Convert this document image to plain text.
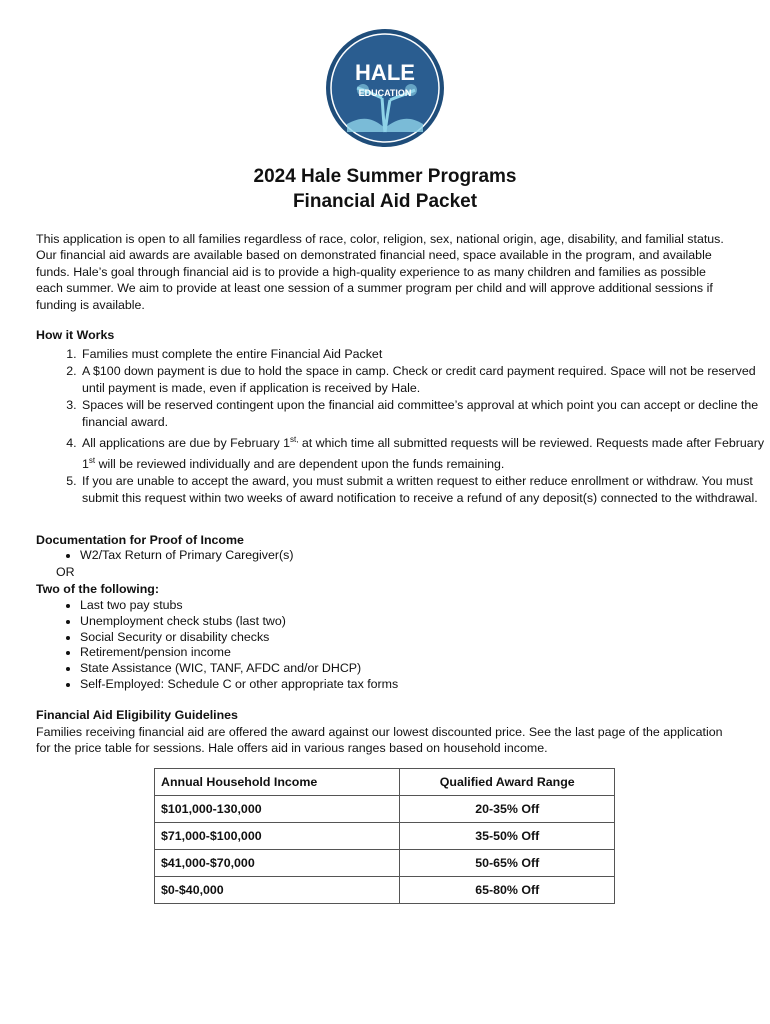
HALE
EDUCATION
2024 Hale Summer Programs
Financial Aid Packet
This application is open to all families regardless of race, color, religion, sex, national origin, age, disability, and familial status. Our financial aid awards are available based on demonstrated financial need, space available in the program, and available funds. Hale’s goal through financial aid is to provide a high-quality experience to as many children and families as possible each summer. We aim to provide at least one session of a summer program per child and will approve additional sessions if funding is available.
How it Works
1. Families must complete the entire Financial Aid Packet
2. A $100 down payment is due to hold the space in camp. Check or credit card payment required. Space will not be reserved until payment is made, even if application is received by Hale.
3. Spaces will be reserved contingent upon the financial aid committee’s approval at which point you can accept or decline the financial award.
4. All applications are due by February $1^{st,}$ at which time all submitted requests will be reviewed. Requests made after February 1st will be reviewed individually and are dependent upon the funds remaining.
5. If you are unable to accept the award, you must submit a written request to either reduce enrollment or withdraw. You must submit this request within two weeks of award notification to receive a refund of any deposit(s) connected to the withdrawal.
Documentation for Proof of Income
• W2/Tax Return of Primary Caregiver(s)
OR
Two of the following:
• Last two pay stubs
• Unemployment check stubs (last two)
• Social Security or disability checks
• Retirement/pension income
• State Assistance (WIC, TANF, AFDC and/or DHCP)
• Self-Employed: Schedule C or other appropriate tax forms
Financial Aid Eligibility Guidelines
Families receiving financial aid are offered the award against our lowest discounted price. See the last page of the application for the price table for sessions. Hale offers aid in various ranges based on household income.
Annual Household Income	Qualified Award Range
$101,000-130,000	20-35% Off
$71,000-$100,000	35-50% Off
$41,000-$70,000	50-65% Off
$0-$40,000	65-80% Off
